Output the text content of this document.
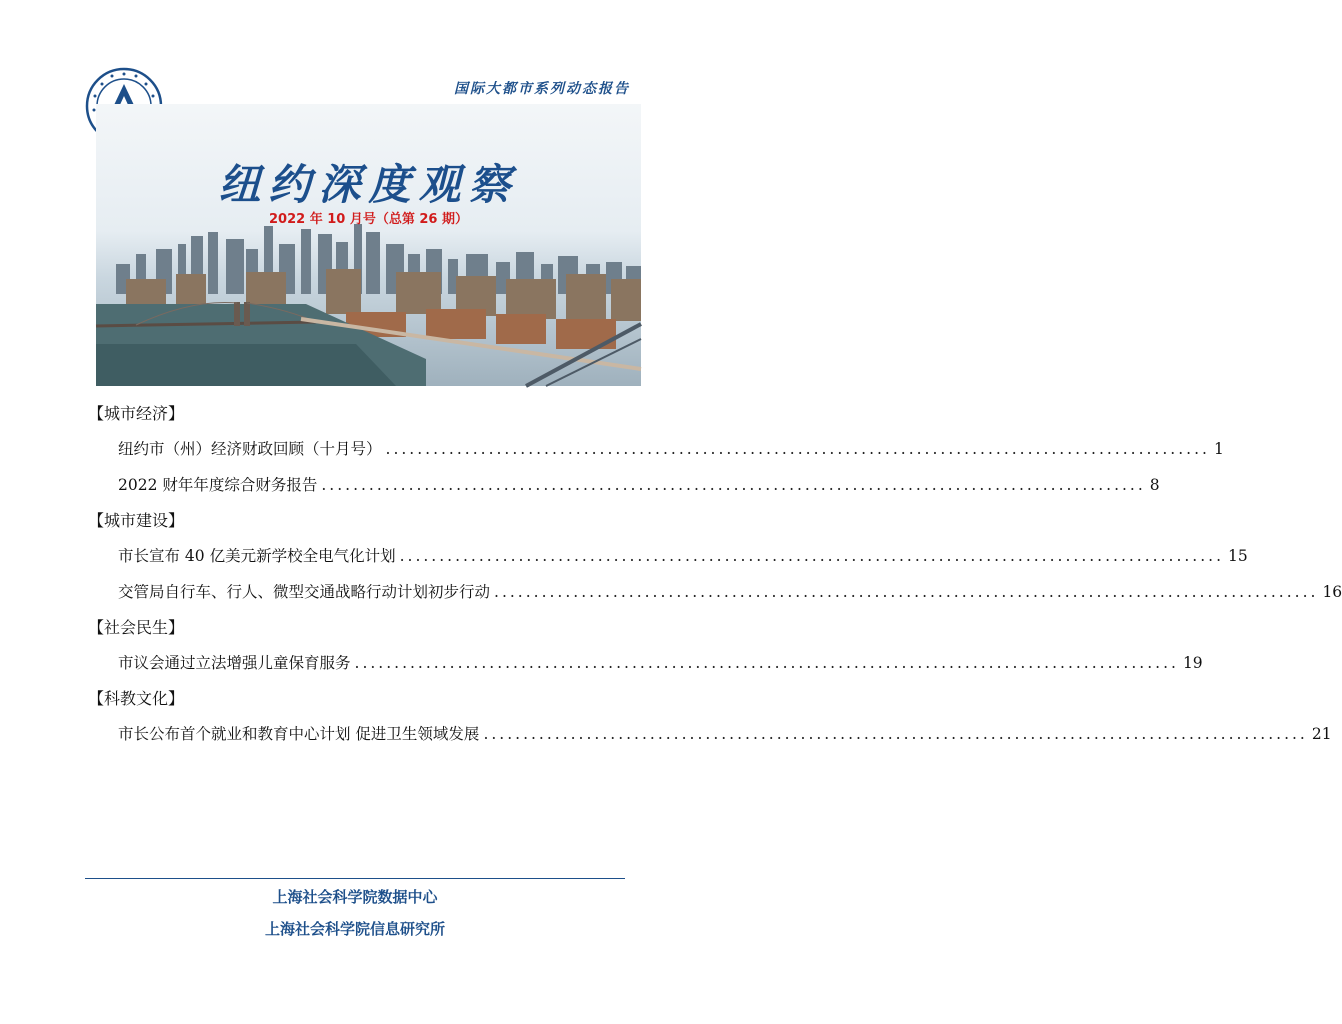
国际大都市系列动态报告
纽约深度观察
2022 年 10 月号（总第 26 期）
【城市经济】
纽约市（州）经济财政回顾（十月号） ........................................................................................................ 1
2022 财年年度综合财务报告 ........................................................................................................ 8
【城市建设】
市长宣布 40 亿美元新学校全电气化计划 ........................................................................................................ 15
交管局自行车、行人、微型交通战略行动计划初步行动 ........................................................................................................ 16
【社会民生】
市议会通过立法增强儿童保育服务 ........................................................................................................ 19
【科教文化】
市长公布首个就业和教育中心计划 促进卫生领域发展 ........................................................................................................ 21
上海社会科学院数据中心
上海社会科学院信息研究所
